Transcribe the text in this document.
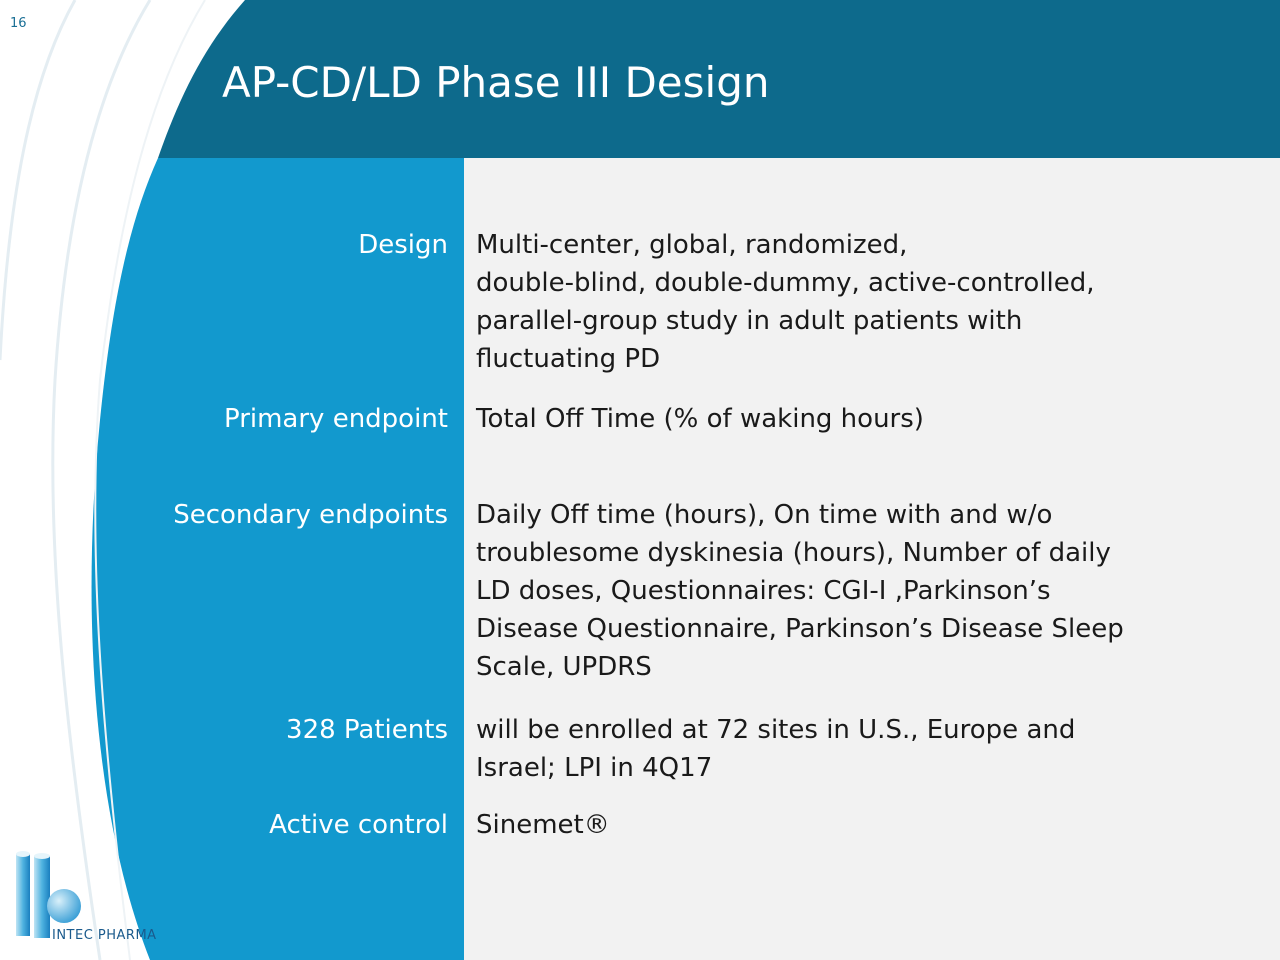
16
AP-CD/LD Phase III Design
Design Multi-center, global, randomized,
double-blind, double-dummy, active-controlled,
parallel-group study in adult patients with
fluctuating PD
Primary endpoint Total Off Time (% of waking hours)
Secondary endpoints Daily Off time (hours), On time with and w/o
troublesome dyskinesia (hours), Number of daily
LD doses, Questionnaires: CGI-I ,Parkinson’s
Disease Questionnaire, Parkinson’s Disease Sleep
Scale, UPDRS
328 Patients will be enrolled at 72 sites in U.S., Europe and
Israel; LPI in 4Q17
Active control Sinemet®
INTEC PHARMA
